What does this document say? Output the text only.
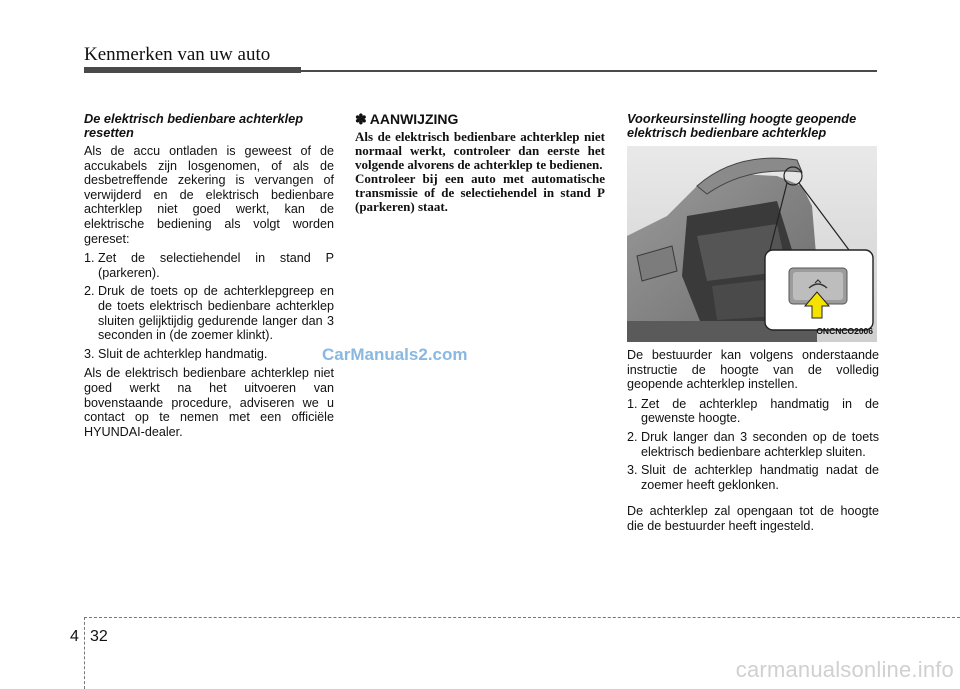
Kenmerken van uw auto
De elektrisch bedienbare achterklep resetten

Als de accu ontladen is geweest of de accukabels zijn losgenomen, of als de desbetreffende zekering is vervangen of verwijderd en de elektrisch bedienbare achterklep niet goed werkt, kan de elektrische bediening als volgt worden gereset:

1. Zet de selectiehendel in stand P (parkeren).
2. Druk de toets op de achterklepgreep en de toets elektrisch bedienbare achterklep sluiten gelijktijdig gedurende langer dan 3 seconden in (de zoemer klinkt).
3. Sluit de achterklep handmatig.

Als de elektrisch bedienbare achterklep niet goed werkt na het uitvoeren van bovenstaande procedure, adviseren we u contact op te nemen met een officiële HYUNDAI-dealer.

✽ AANWIJZING

Als de elektrisch bedienbare achterklep niet normaal werkt, controleer dan eerste het volgende alvorens de achterklep te bedienen.

Controleer bij een auto met automatische transmissie of de selectiehendel in stand P (parkeren) staat.

Voorkeursinstelling hoogte geopende elektrisch bedienbare achterklep
ONCNCO2006

De bestuurder kan volgens onderstaande instructie de hoogte van de volledig geopende achterklep instellen.

1. Zet de achterklep handmatig in de gewenste hoogte.
2. Druk langer dan 3 seconden op de toets elektrisch bedienbare achterklep sluiten.
3. Sluit de achterklep handmatig nadat de zoemer heeft geklonken.

De achterklep zal opengaan tot de hoogte die de bestuurder heeft ingesteld.

CarManuals2.com
4 32
carmanualsonline.info
